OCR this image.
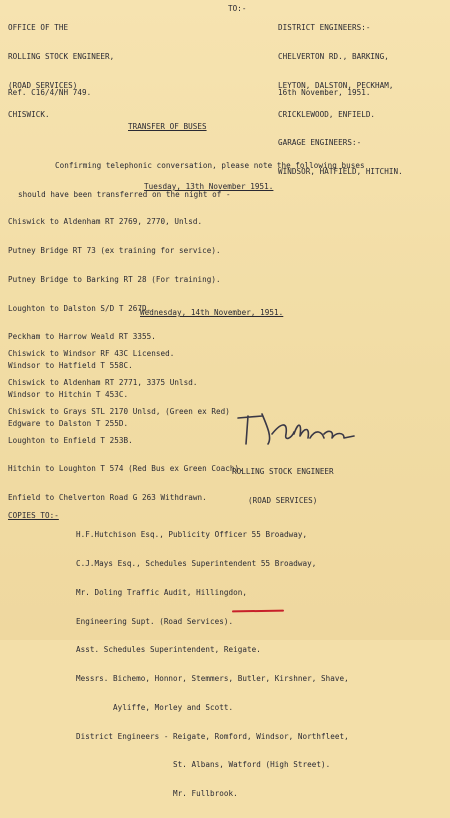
OFFICE OF THE

ROLLING STOCK ENGINEER,

(ROAD SERVICES)

CHISWICK.

TO:-

DISTRICT ENGINEERS:-

CHELVERTON RD., BARKING,

LEYTON, DALSTON, PECKHAM,

CRICKLEWOOD, ENFIELD.

GARAGE ENGINEERS:-

WINDSOR, HATFIELD, HITCHIN.

Ref. C16/4/NH 749.	16th November, 1951.
TRANSFER OF BUSES

Confirming telephonic conversation, please note the following buses

should have been transferred on the night of -

Tuesday, 13th November 1951.

Chiswick to Aldenham RT 2769, 2770, Unlsd.

Putney Bridge RT 73 (ex training for service).

Putney Bridge to Barking RT 28 (For training).

Loughton to Dalston S/D T 267D.

Peckham to Harrow Weald RT 3355.

Windsor to Hatfield T 558C.

Windsor to Hitchin T 453C.

Edgware to Dalston T 255D.

Wednesday, 14th November, 1951.

Chiswick to Windsor RF 43C Licensed.

Chiswick to Aldenham RT 2771, 3375 Unlsd.

Chiswick to Grays STL 2170 Unlsd, (Green ex Red)

Loughton to Enfield T 253B.

Hitchin to Loughton T 574 (Red Bus ex Green Coach).

Enfield to Chelverton Road G 263 Withdrawn.

ROLLING STOCK ENGINEER

(ROAD SERVICES)

COPIES TO:-

H.F.Hutchison Esq., Publicity Officer 55 Broadway,

C.J.Mays Esq., Schedules Superintendent 55 Broadway,

Mr. Doling Traffic Audit, Hillingdon,

Engineering Supt. (Road Services).

Asst. Schedules Superintendent, Reigate.

Messrs. Bichemo, Honnor, Stemmers, Butler, Kirshner, Shave,

Ayliffe, Morley and Scott.

District Engineers - Reigate, Romford, Windsor, Northfleet,

St. Albans, Watford (High Street).

Mr. Fullbrook.
